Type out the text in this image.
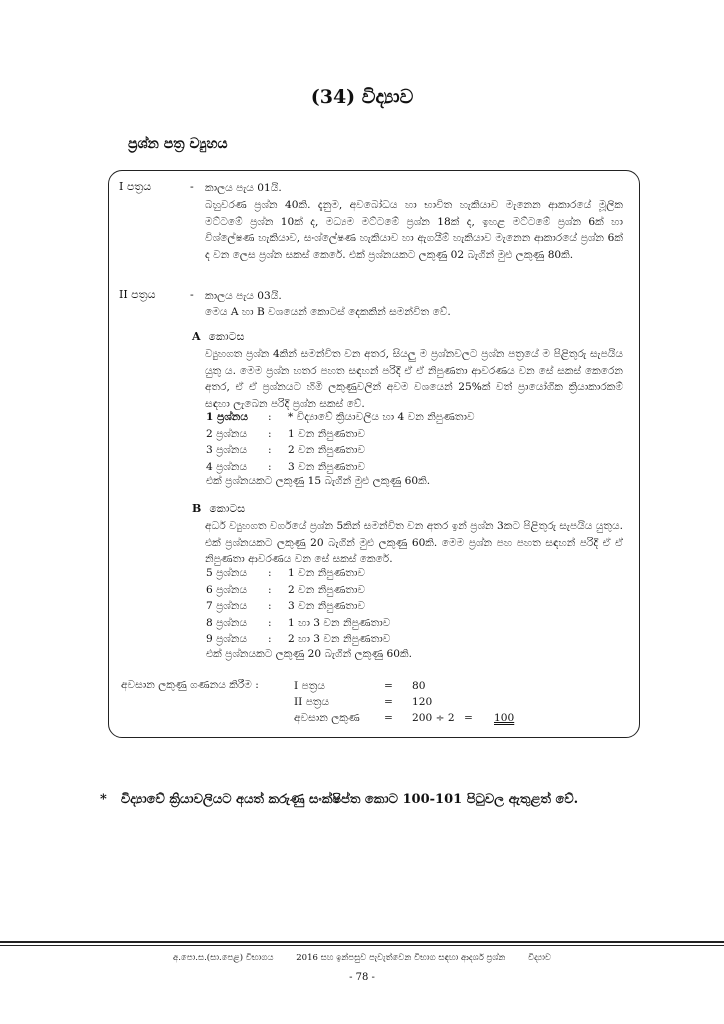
(34) විද්‍යාව
ප්‍රශ්න පත්‍ර ව්‍යුහය
I පත්‍රය	- කාලය පැය 01යි.

බහුවරණ ප්‍රශ්න 40කි. දැනුම, අවබෝධය හා භාවිත හැකියාව මැනෙන ආකාරයේ මූලික මට්ටමේ ප්‍රශ්න 10ක් ද, මධ්‍යම මට්ටමේ ප්‍රශ්න 18ක් ද, ඉහළ මට්ටමේ ප්‍රශ්න 6ක් හා විශ්ලේෂණ හැකියාව, සංශ්ලේෂණ හැකියාව හා ඇගයීම් හැකියාව මැනෙන ආකාරයේ ප්‍රශ්න 6ක් ද වන ලෙස ප්‍රශ්න සකස් කෙරේ. එක් ප්‍රශ්නයකට ලකුණු 02 බැගින් මුළු ලකුණු 80කි.

II පත්‍රය	- කාලය පැය 03යි.

මෙය A හා B වශයෙන් කොටස් දෙකකින් සමන්විත වේ.

A කොටස

ව්‍යුහගත ප්‍රශ්න 4කින් සමන්විත වන අතර, සියලු ම ප්‍රශ්නවලට ප්‍රශ්න පත්‍රයේ ම පිළිතුරු සැපයිය යුතු ය. මෙම ප්‍රශ්න හතර පහත සඳහන් පරිදි ඒ ඒ නිපුණතා ආවරණය වන සේ සකස් කෙරෙන අතර, ඒ ඒ ප්‍රශ්නයට හිමි ලකුණුවලින් අවම වශයෙන් 25%ක් වත් ප්‍රායෝගික ක්‍රියාකාරකම් සඳහා ලැබෙන පරිදි ප්‍රශ්න සකස් වේ.

1 ප්‍රශ්නය	:	* විද්‍යාවේ ක්‍රියාවලිය හා 4 වන නිපුණතාව
2 ප්‍රශ්නය	:	1 වන නිපුණතාව
3 ප්‍රශ්නය	:	2 වන නිපුණතාව
4 ප්‍රශ්නය	:	3 වන නිපුණතාව
එක් ප්‍රශ්නයකට ලකුණු 15 බැගින් මුළු ලකුණු 60කි.
B කොටස

අර්ධ ව්‍යුහගත වර්ගයේ ප්‍රශ්න 5කින් සමන්විත වන අතර ඉන් ප්‍රශ්න 3කට පිළිතුරු සැපයිය යුතුය. එක් ප්‍රශ්නයකට ලකුණු 20 බැගින් මුළු ලකුණු 60කි. මෙම ප්‍රශ්න පහ පහත සඳහන් පරිදි ඒ ඒ නිපුණතා ආවරණය වන සේ සකස් කෙරේ.

5 ප්‍රශ්නය	:	1 වන නිපුණතාව
6 ප්‍රශ්නය	:	2 වන නිපුණතාව
7 ප්‍රශ්නය	:	3 වන නිපුණතාව
8 ප්‍රශ්නය	:	1 හා 3 වන නිපුණතාව
9 ප්‍රශ්නය	:	2 හා 3 වන නිපුණතාව
එක් ප්‍රශ්නයකට ලකුණු 20 බැගින් ලකුණු 60කි.
අවසාන ලකුණු ගණනය කිරීම :	I පත්‍රය	= 80
II පත්‍රය	= 120
අවසාන ලකුණ	= 200 ÷ 2 = 100
* විද්‍යාවේ ක්‍රියාවලියට අයත් කරුණු සංක්ෂිප්ත කොට 100-101 පිටුවල ඇතුළත් වේ.
අ.පො.ස.(සා.පෙළ) විභාගය	2016 සහ ඉන්පසුව පැවැත්වෙන විභාග සඳහා ආදර්ශ ප්‍රශ්න	විද්‍යාව
- 78 -
